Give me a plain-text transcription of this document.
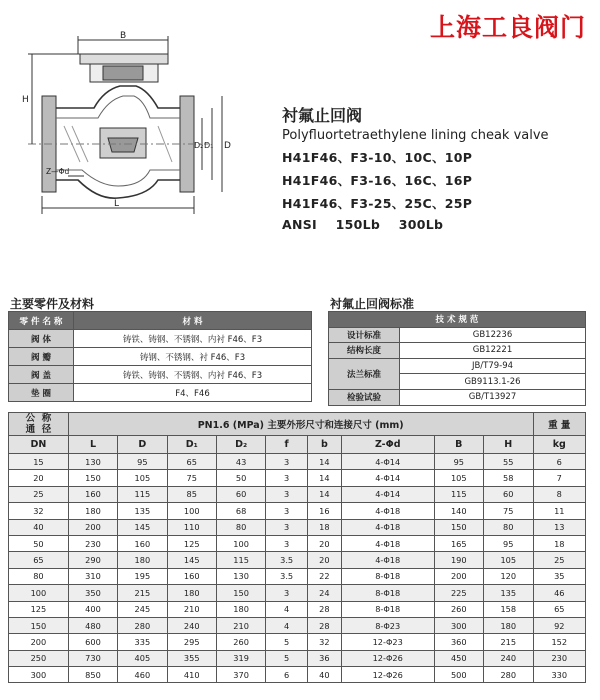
上海工良阀门
B
H
D₂ D₁ D
Z—Φd
L
衬氟止回阀
Polyfluortetraethylene lining cheak valve
H41F46、F3-10、10C、10P
H41F46、F3-16、16C、16P
H41F46、F3-25、25C、25P
ANSI    150Lb    300Lb
主要零件及材料	衬氟止回阀标准
零 件 名 称	材 料
阀 体	铸铁、铸钢、不锈钢、内衬 F46、F3
阀 瓣	铸钢、不锈钢、衬 F46、F3
阀 盖	铸铁、铸钢、不锈钢、内衬 F46、F3
垫 圈	F4、F46
技 术 规 范	
设计标准	GB12236
结构长度	GB12221
法兰标准	JB/T79-94
	GB9113.1-26
检验试验	GB/T13927
公  称
通  径	PN1.6 (MPa) 主要外形尺寸和连接尺寸 (mm)									重 量
DN	L	D	D₁	D₂	f	b	Z-Φd	B	H	kg
15	130	95	65	43	3	14	4-Φ14	95	55	6
20	150	105	75	50	3	14	4-Φ14	105	58	7
25	160	115	85	60	3	14	4-Φ14	115	60	8
32	180	135	100	68	3	16	4-Φ18	140	75	11
40	200	145	110	80	3	18	4-Φ18	150	80	13
50	230	160	125	100	3	20	4-Φ18	165	95	18
65	290	180	145	115	3.5	20	4-Φ18	190	105	25
80	310	195	160	130	3.5	22	8-Φ18	200	120	35
100	350	215	180	150	3	24	8-Φ18	225	135	46
125	400	245	210	180	4	28	8-Φ18	260	158	65
150	480	280	240	210	4	28	8-Φ23	300	180	92
200	600	335	295	260	5	32	12-Φ23	360	215	152
250	730	405	355	319	5	36	12-Φ26	450	240	230
300	850	460	410	370	6	40	12-Φ26	500	280	330
